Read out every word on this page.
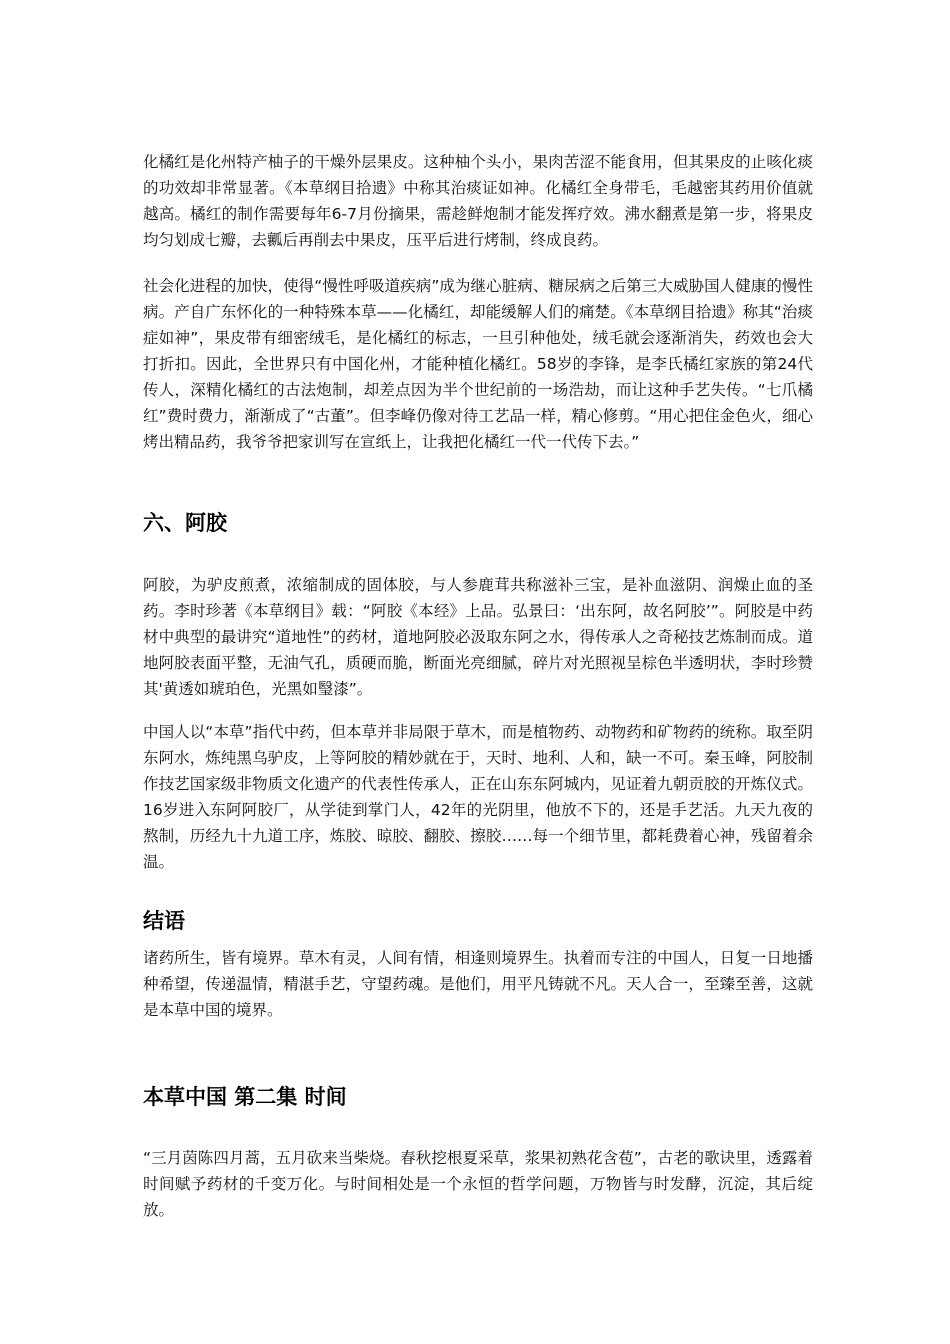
化橘红是化州特产柚子的干燥外层果皮。这种柚个头小，果肉苦涩不能食用，但其果皮的止咳化痰的功效却非常显著。《本草纲目拾遗》中称其治痰证如神。化橘红全身带毛，毛越密其药用价值就越高。橘红的制作需要每年6-7月份摘果，需趁鲜炮制才能发挥疗效。沸水翻煮是第一步，将果皮均匀划成七瓣，去瓤后再削去中果皮，压平后进行烤制，终成良药。

社会化进程的加快，使得“慢性呼吸道疾病”成为继心脏病、糖尿病之后第三大威胁国人健康的慢性病。产自广东怀化的一种特殊本草——化橘红，却能缓解人们的痛楚。《本草纲目拾遗》称其“治痰症如神”，果皮带有细密绒毛，是化橘红的标志，一旦引种他处，绒毛就会逐渐消失，药效也会大打折扣。因此，全世界只有中国化州，才能种植化橘红。58岁的李锋，是李氏橘红家族的第24代传人，深精化橘红的古法炮制，却差点因为半个世纪前的一场浩劫，而让这种手艺失传。“七爪橘红”费时费力，渐渐成了“古董”。但李峰仍像对待工艺品一样，精心修剪。“用心把住金色火，细心烤出精品药，我爷爷把家训写在宣纸上，让我把化橘红一代一代传下去。”

六、阿胶

阿胶，为驴皮煎煮，浓缩制成的固体胶，与人参鹿茸共称滋补三宝，是补血滋阴、润燥止血的圣药。李时珍著《本草纲目》载：“阿胶《本经》上品。弘景曰：‘出东阿，故名阿胶’”。阿胶是中药材中典型的最讲究“道地性”的药材，道地阿胶必汲取东阿之水，得传承人之奇秘技艺炼制而成。道地阿胶表面平整，无油气孔，质硬而脆，断面光亮细腻，碎片对光照视呈棕色半透明状，李时珍赞其'黄透如琥珀色，光黑如瑿漆”。

中国人以“本草”指代中药，但本草并非局限于草木，而是植物药、动物药和矿物药的统称。取至阴东阿水，炼纯黑乌驴皮，上等阿胶的精妙就在于，天时、地利、人和，缺一不可。秦玉峰，阿胶制作技艺国家级非物质文化遗产的代表性传承人，正在山东东阿城内，见证着九朝贡胶的开炼仪式。16岁进入东阿阿胶厂，从学徒到掌门人，42年的光阴里，他放不下的，还是手艺活。九天九夜的熬制，历经九十九道工序，炼胶、晾胶、翻胶、擦胶……每一个细节里，都耗费着心神，残留着余温。

结语

诸药所生，皆有境界。草木有灵，人间有情，相逢则境界生。执着而专注的中国人，日复一日地播种希望，传递温情，精湛手艺，守望药魂。是他们，用平凡铸就不凡。天人合一，至臻至善，这就是本草中国的境界。

本草中国 第二集 时间

“三月茵陈四月蒿，五月砍来当柴烧。春秋挖根夏采草，浆果初熟花含苞”，古老的歌诀里，透露着时间赋予药材的千变万化。与时间相处是一个永恒的哲学问题，万物皆与时发酵，沉淀，其后绽放。
